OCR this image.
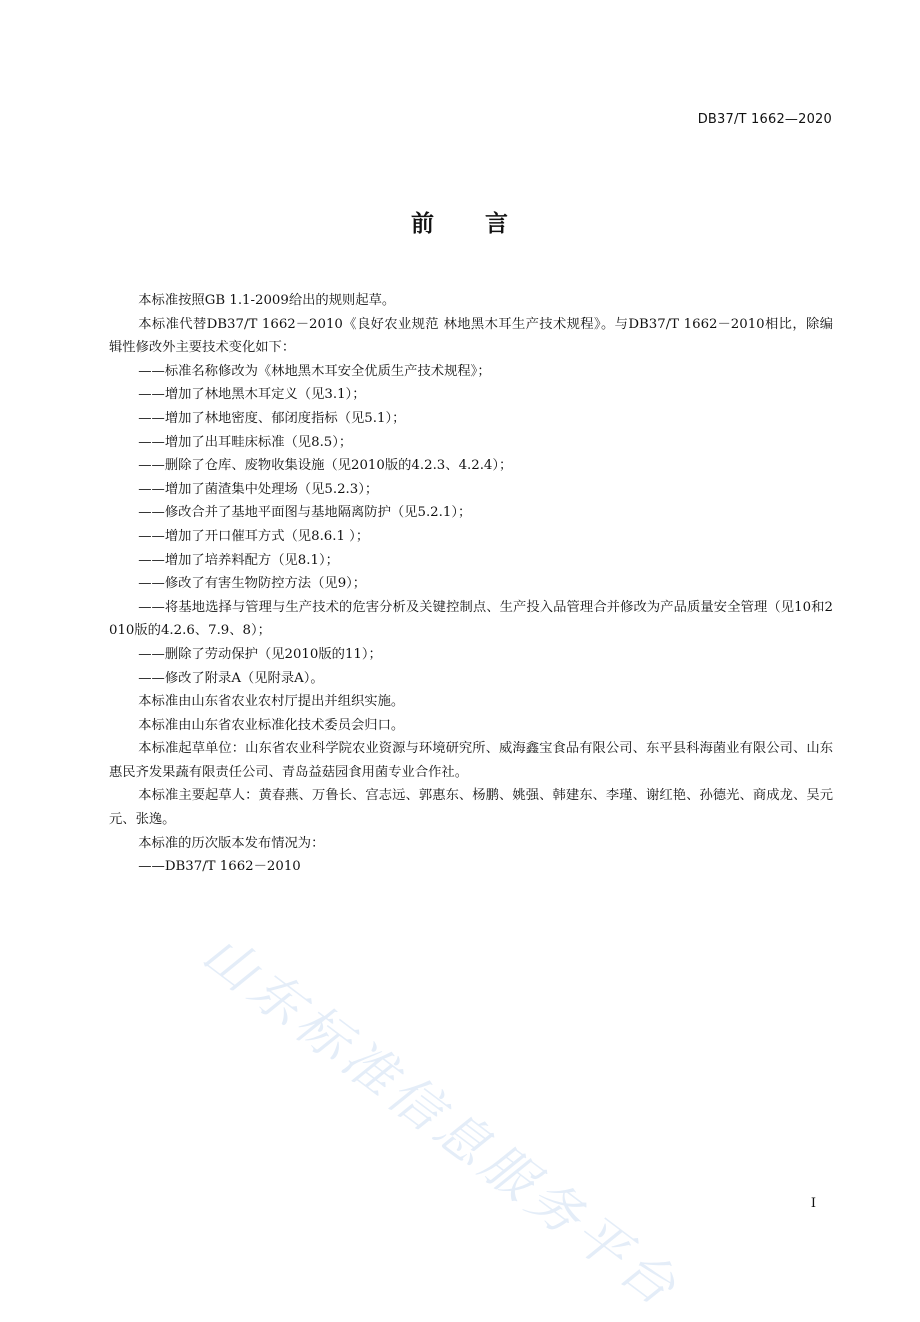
DB37/T 1662—2020
前 言

本标准按照GB 1.1-2009给出的规则起草。

本标准代替DB37/T 1662－2010《良好农业规范 林地黑木耳生产技术规程》。与DB37/T 1662－2010相比，除编辑性修改外主要技术变化如下：

——标准名称修改为《林地黑木耳安全优质生产技术规程》；

——增加了林地黑木耳定义（见3.1）；

——增加了林地密度、郁闭度指标（见5.1）；

——增加了出耳畦床标准（见8.5）；

——删除了仓库、废物收集设施（见2010版的4.2.3、4.2.4）；

——增加了菌渣集中处理场（见5.2.3）；

——修改合并了基地平面图与基地隔离防护（见5.2.1）；

——增加了开口催耳方式（见8.6.1 ）；

——增加了培养料配方（见8.1）；

——修改了有害生物防控方法（见9）；

——将基地选择与管理与生产技术的危害分析及关键控制点、生产投入品管理合并修改为产品质量安全管理（见10和2010版的4.2.6、7.9、8）；

——删除了劳动保护（见2010版的11）；

——修改了附录A（见附录A）。

本标准由山东省农业农村厅提出并组织实施。

本标准由山东省农业标准化技术委员会归口。

本标准起草单位：山东省农业科学院农业资源与环境研究所、威海鑫宝食品有限公司、东平县科海菌业有限公司、山东惠民齐发果蔬有限责任公司、青岛益菇园食用菌专业合作社。

本标准主要起草人：黄春燕、万鲁长、宫志远、郭惠东、杨鹏、姚强、韩建东、李瑾、谢红艳、孙德光、商成龙、吴元元、张逸。

本标准的历次版本发布情况为：

——DB37/T 1662－2010

山东标准信息服务平台	I
